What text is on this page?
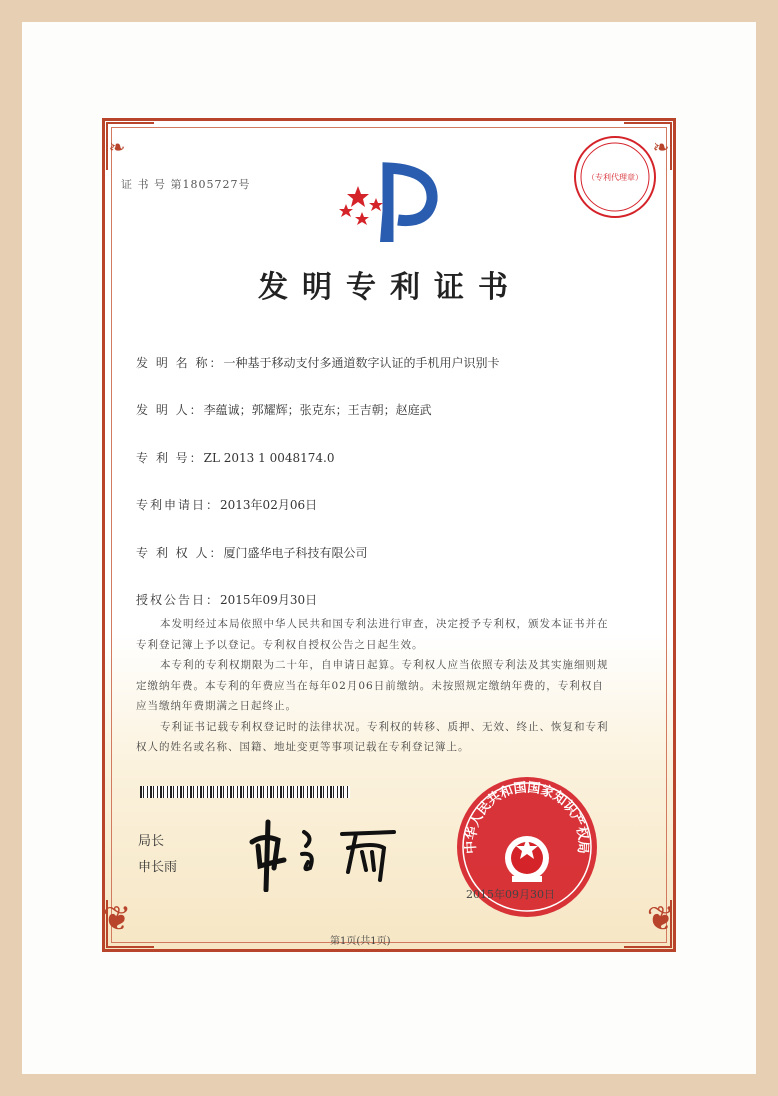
❦	❦
❧	❧
证 书 号 第1805727号
（专利代理章）
发明专利证书
发 明 名 称：一种基于移动支付多通道数字认证的手机用户识别卡
发 明 人：李蕴诚；郭耀辉；张克东；王吉朝；赵庭武
专 利 号：ZL 2013 1 0048174.0
专利申请日：2013年02月06日
专 利 权 人：厦门盛华电子科技有限公司
授权公告日：2015年09月30日

本发明经过本局依照中华人民共和国专利法进行审查，决定授予专利权，颁发本证书并在专利登记簿上予以登记。专利权自授权公告之日起生效。

本专利的专利权期限为二十年，自申请日起算。专利权人应当依照专利法及其实施细则规定缴纳年费。本专利的年费应当在每年02月06日前缴纳。未按照规定缴纳年费的，专利权自应当缴纳年费期满之日起终止。

专利证书记载专利权登记时的法律状况。专利权的转移、质押、无效、终止、恢复和专利权人的姓名或名称、国籍、地址变更等事项记载在专利登记簿上。

局长
申长雨
中华人民共和国国家知识产权局
2015年09月30日
第1页(共1页)
